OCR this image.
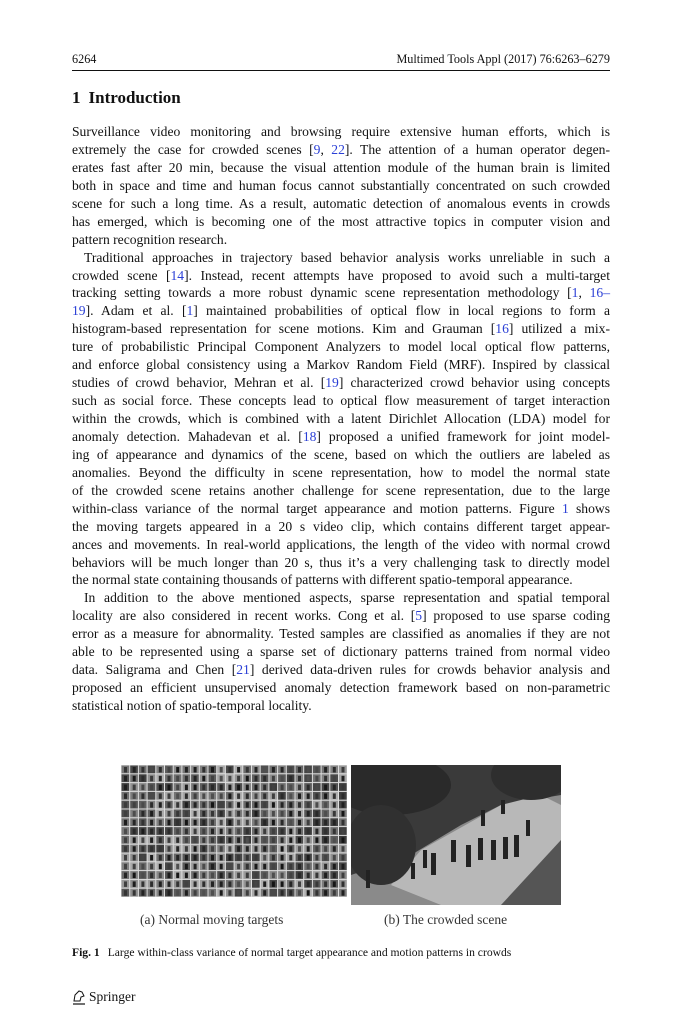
6264	Multimed Tools Appl (2017) 76:6263–6279
1 Introduction
Surveillance video monitoring and browsing require extensive human efforts, which is
extremely the case for crowded scenes [9, 22]. The attention of a human operator degen-
erates fast after 20 min, because the visual attention module of the human brain is limited
both in space and time and human focus cannot substantially concentrated on such crowded
scene for such a long time. As a result, automatic detection of anomalous events in crowds
has emerged, which is becoming one of the most attractive topics in computer vision and
pattern recognition research.
Traditional approaches in trajectory based behavior analysis works unreliable in such a
crowded scene [14]. Instead, recent attempts have proposed to avoid such a multi-target
tracking setting towards a more robust dynamic scene representation methodology [1, 16–
19]. Adam et al. [1] maintained probabilities of optical flow in local regions to form a
histogram-based representation for scene motions. Kim and Grauman [16] utilized a mix-
ture of probabilistic Principal Component Analyzers to model local optical flow patterns,
and enforce global consistency using a Markov Random Field (MRF). Inspired by classical
studies of crowd behavior, Mehran et al. [19] characterized crowd behavior using concepts
such as social force. These concepts lead to optical flow measurement of target interaction
within the crowds, which is combined with a latent Dirichlet Allocation (LDA) model for
anomaly detection. Mahadevan et al. [18] proposed a unified framework for joint model-
ing of appearance and dynamics of the scene, based on which the outliers are labeled as
anomalies. Beyond the difficulty in scene representation, how to model the normal state
of the crowded scene retains another challenge for scene representation, due to the large
within-class variance of the normal target appearance and motion patterns. Figure 1 shows
the moving targets appeared in a 20 s video clip, which contains different target appear-
ances and movements. In real-world applications, the length of the video with normal crowd
behaviors will be much longer than 20 s, thus it’s a very challenging task to directly model
the normal state containing thousands of patterns with different spatio-temporal appearance.
In addition to the above mentioned aspects, sparse representation and spatial temporal
locality are also considered in recent works. Cong et al. [5] proposed to use sparse coding
error as a measure for abnormality. Tested samples are classified as anomalies if they are not
able to be represented using a sparse set of dictionary patterns trained from normal video
data. Saligrama and Chen [21] derived data-driven rules for crowds behavior analysis and
proposed an efficient unsupervised anomaly detection framework based on non-parametric
statistical notion of spatio-temporal locality.
(a) Normal moving targets	(b) The crowded scene
Fig. 1 Large within-class variance of normal target appearance and motion patterns in crowds
Springer
